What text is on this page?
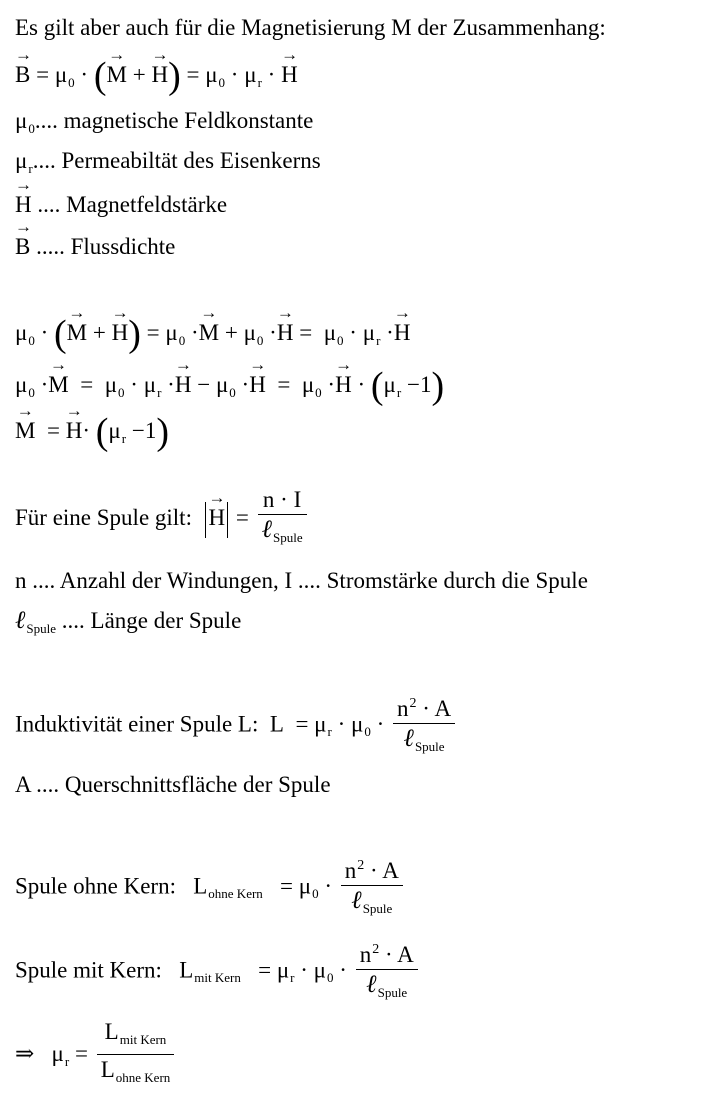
Es gilt aber auch für die Magnetisierung M der Zusammenhang:
→ $B = \mu_0$ · (→ M + → $H) = \mu_0 \cdot \mu_r$ · → H
$\mu_0$.... magnetische Feldkonstante
$\mu_r$.... Permeabiltät des Eisenkerns
→ H .... Magnetfeldstärke
→ B ..... Flussdichte
$\mu_0$ · (→ M + → $H) = \mu_0 \cdot\to M + \mu_0 \cdot\to H = \mu_0 \cdot \mu_r \cdot\to H$
$\mu_0 \cdot\to M = \mu_0 \cdot \mu_r \cdot\to H - \mu_0 \cdot\to H = \mu_0 \cdot\to H \cdot (\mu_r -1)$
→ M = → $H\cdot (\mu_r -1)$
Für eine Spule gilt: → H =
n · I
ℓ$_{Spule}$
n .... Anzahl der Windungen, I .... Stromstärke durch die Spule
ℓ$_{Spule}$ .... Länge der Spule
Induktivität einer Spule L: $L = \mu_r \cdot \mu_0$ ·
$n^2 \cdot A$
ℓ$_{Spule}$
A .... Querschnittsfläche der Spule
Spule ohne Kern: $L_{ohne Kern} = \mu_0$ ·
$n^2 \cdot A$
ℓ$_{Spule}$
Spule mit Kern: $L_{mit Kern} = \mu_r \cdot \mu_0$ ·
$n^2 \cdot A$
ℓ$_{Spule}$
⇒ $\mu_r$ =
$L_{mit Kern}$
$L_{ohne Kern}$
